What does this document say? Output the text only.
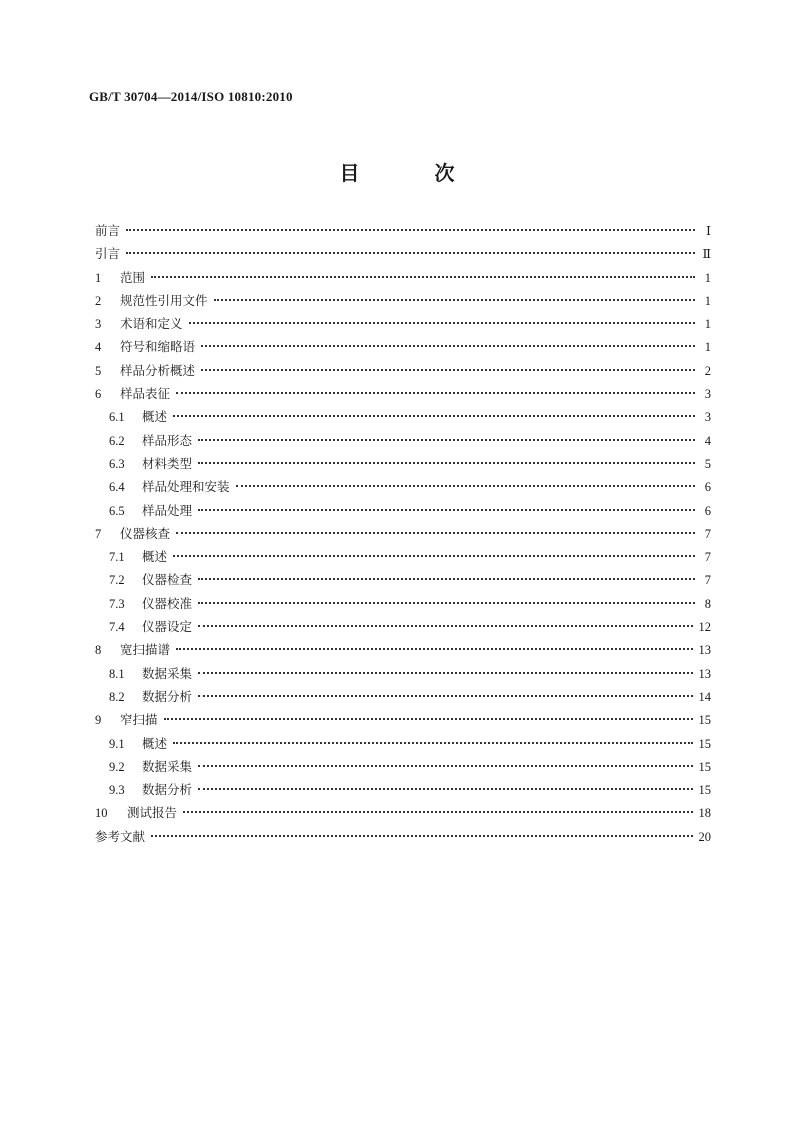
GB/T 30704—2014/ISO 10810:2010
目 次
前言	Ⅰ
引言	Ⅱ
1	范围	1
2	规范性引用文件	1
3	术语和定义	1
4	符号和缩略语	1
5	样品分析概述	2
6	样品表征	3
6.1	概述	3
6.2	样品形态	4
6.3	材料类型	5
6.4	样品处理和安装	6
6.5	样品处理	6
7	仪器核查	7
7.1	概述	7
7.2	仪器检查	7
7.3	仪器校准	8
7.4	仪器设定	12
8	宽扫描谱	13
8.1	数据采集	13
8.2	数据分析	14
9	窄扫描	15
9.1	概述	15
9.2	数据采集	15
9.3	数据分析	15
10	测试报告	18
参考文献	20
